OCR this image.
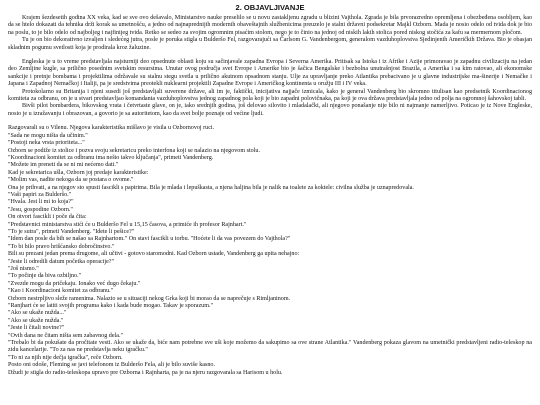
2. OBJAVLJIVANJE

Krajem šezdesetih godina XX veka, kad se sve ovo dešavalo, Ministarstvo nauke preselilo se u novu zastakljenu zgradu u blizini Vajtholа. Zgrada je bila prvorazredno opremljena i obezbeđena osobljem, kao da se htelo dokazati da tehnika drži korak sa umetnošću, a jedno od najnaprednijih modernih obaveštajnih službenicima preuzelo je stalni državni podsekretar Majkl Ozborn. Mada je nosio odelo od tvida dok je bio na poslu, to je bilo odelo od najboljeg i najfinijeg tvida. Retko se sedeo za svojim ogromnim pisaćim stolom, nego je to činio na jednoj od niskih lakih stolica pored niskog stočića za kafu sa mermernom pločom.

Tu je on bio dekorativno izvaljen i sledećeg jutra, posle je poruka stigla u Bulderšo Fel, razgovarajući sa Čarlsom G. Vandenbergom, generalom vazduhoplovstva Sjedinjenih Američkih Država. Bio je obasjan skladnim pogumu svetlosti koja je prodirala kroz žaluzine.

Engleska je u to vreme predstavljala najsturniji deo opsednute oblasti koju su sačinjavale zapadna Evropa i Severna Amerika. Pritisak sa Istoka i iz Afrike i Azije primoravao je zapadnu civilizaciju na jedan deo Zemljine kugle, sa prilično posednim svetskim resursima. Unutar ovog područja svet Evrope i Amerike bio je šačica Bengalske i bezbolna unutrašnjost Brazila, a Amerika i sa kim ratovao, ali ekonomske sankcije i pretnje bombama i projektilima održavale su stalnu stegu svetla u prilično akutnom opsadnom stanju. Ulje za upravljanje preko Atlantika prebacivano je u glavne industrijske ma-šinerije i Nemačke i Japana i Zapadnoj Nemačkoj i Italiji, pa je sredstvima preotekli nuklearni projektili Zapadne Evrope i Američkog kontinenta u oružju III i IV veka.

Protokolarno su Britanija i njeni susedi još predstavljali suverene države, ali im je, faktički, inicijativa najjače izmicala, kako je general Vandenberg bio skromno titulisan kao predsetnik Koordinacionog komiteta za odbranu, on je u stvari predstavljao komandanta vazduhoplovstva jednog zapadnog pola koji je bio zapadni polovičnaka, pa koji je ova država predstavljala jedno od polja na ogromnoj šahovskoj tabli.

Bivši pilot bombardera, bikovskog vrata i četvrtaste glave, on je, iako srednjih godina, još delovao silovito i mladalački, ali njegovo ponašanje nije bilo ni najmanje namerljivo. Poticao je iz Nove Engleske, nosio je u izražavanju i obrazovan, a govorio je sa autoritetom, kao da svet bolje poznaje od većine ljudi.

Razgovarali su o Vilenu. Njegova karakteristika mišlavo je visila u Ozbornovoj ruci.

"Sada ne mogu ništa da učinim."

"Postoji neka vrsta prioriteta..."

Ozborn se podiže iz stolice i pozva svoju sekretaricu preko interfona koji se nalazio na njegovom stolu.

"Koordinacioni komitet za odbranu ima nešto takvo ključanja", primeti Vandenberg.

"Možete im preneti da se ni mi nećemo dati."

Kad je sekretarica ušla, Ozborn joj predaje karakteristike:

"Molim vas, nađite nekoga da se postara o ovome."

Ona je prihvati, a na njegov sto spusti fascikli s papirima. Bila je mlada i lepuškasta, a njena haljina bila je nalik na toalete za koktele: civilna služba je uznapredovala.

"Vaši papiri za Bulderšo."

"Hvala. Jest li mi to koja?"

"Jesu, gospodine Ozborn."

On otvori fascikli i poče da čita:

"Predstavnici ministarstva stići će u Bulderšo Fel u 15,15 časova, a primiće ih profesor Rajnhart."

"To je sutra", primeti Vandenberg. "Idete li pešice?"

"Idem dan posle da bih se našao sa Rajnhartom." On stavi fascikli u torbu. "Hoćete li da vas povezem do Vajtholа?"

"To bi bilo pravo hrišćansko dobročinstvo."

Bili su prezani jedan prema drugome, ali učtivi - gotovo staromodni. Kad Ozborn ustade, Vandenberg ga upita nehajno:

"Jeste li odredili datum početka operacije?"

"Još nismo."

"To počinje da biva ozbiljno."

"Zvezde mogu da pričekaju. Ionako već dugo čekaju."

"Kao i Koordinacioni komitet za odbranu."

Ozborn nestrpljivo sleže ramenima. Nalazio se u situaciji nekog Grka koji bi morao da se naprečuje s Rimljaninom.

"Ranjhart će se latiti svojih programa kako i kada bude mogao. Takav je sporazum."

"Ako se ukaže nužda..."

"Ako se ukaže nužda."

"Jeste li čitali novine?"

"Ovih dana ne čitam ništa sem zabavnog dela."

"Trebalo bi da pokušate da pročitate vesti. Ako se ukaže da, biće nam potrebne sve uši koje možemo da sakupimo sa ove strane Atlantika." Vandenberg pokaza glavom na umetnički predstavljeni radio-teleskop na zidu kancelarije. "To za nas ne predstavlja neku igračku."

"To ni za njih nije dečja igračka", reče Ozborn.

Posto oni odoše, Fleming se javi telefonom iz Bulderšo Fela, ali je bilo suviše kasno.

Džudi je stigla do radio-teleskopa upravo pre Ozborna i Rajnharta, pa je na njeru razgovarala sa Harisom u holu.
